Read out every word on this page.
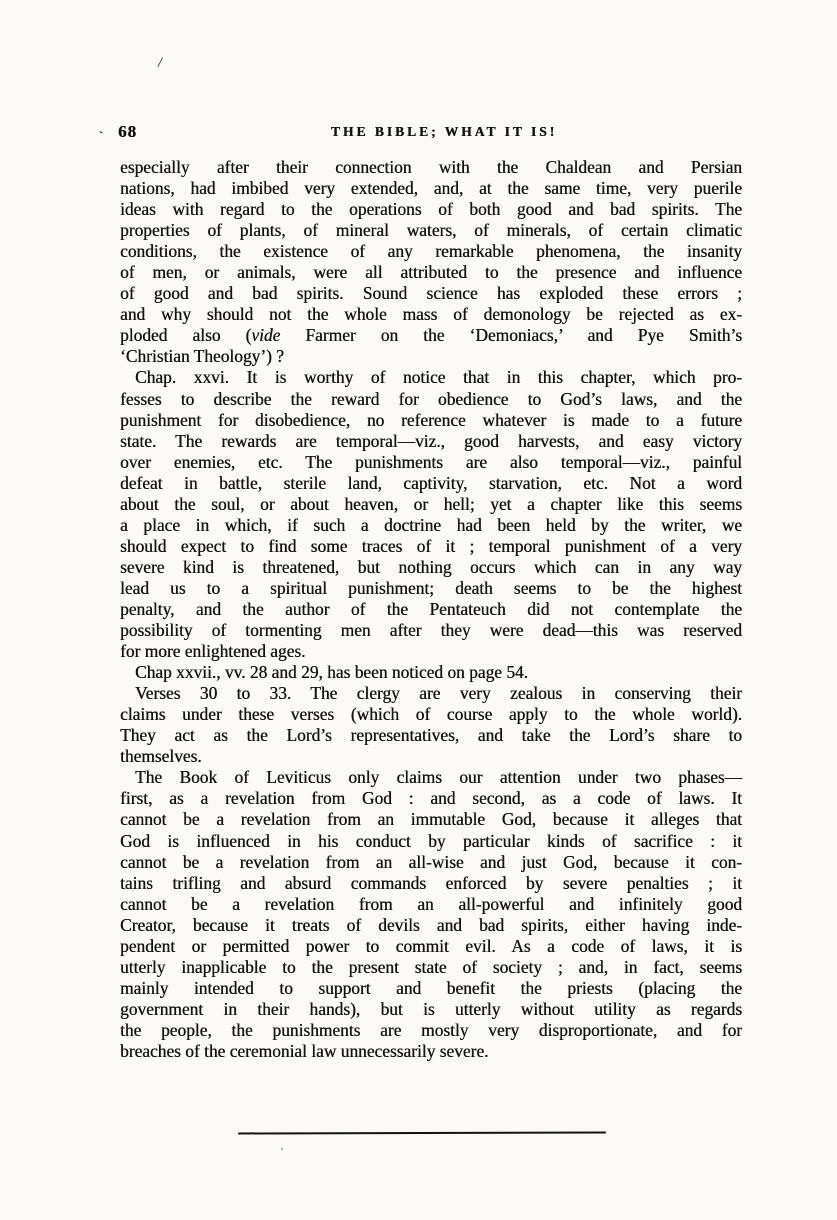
/
` 68	THE BIBLE; WHAT IT IS!
especially after their connection with the Chaldean and Persian
nations, had imbibed very extended, and, at the same time, very puerile
ideas with regard to the operations of both good and bad spirits. The
properties of plants, of mineral waters, of minerals, of certain climatic
conditions, the existence of any remarkable phenomena, the insanity
of men, or animals, were all attributed to the presence and influence
of good and bad spirits. Sound science has exploded these errors ;
and why should not the whole mass of demonology be rejected as ex-
ploded also (vide Farmer on the ‘Demoniacs,’ and Pye Smith’s
‘Christian Theology’) ?
Chap. xxvi. It is worthy of notice that in this chapter, which pro-
fesses to describe the reward for obedience to God’s laws, and the
punishment for disobedience, no reference whatever is made to a future
state. The rewards are temporal—viz., good harvests, and easy victory
over enemies, etc. The punishments are also temporal—viz., painful
defeat in battle, sterile land, captivity, starvation, etc. Not a word
about the soul, or about heaven, or hell; yet a chapter like this seems
a place in which, if such a doctrine had been held by the writer, we
should expect to find some traces of it ; temporal punishment of a very
severe kind is threatened, but nothing occurs which can in any way
lead us to a spiritual punishment; death seems to be the highest
penalty, and the author of the Pentateuch did not contemplate the
possibility of tormenting men after they were dead—this was reserved
for more enlightened ages.
Chap xxvii., vv. 28 and 29, has been noticed on page 54.
Verses 30 to 33. The clergy are very zealous in conserving their
claims under these verses (which of course apply to the whole world).
They act as the Lord’s representatives, and take the Lord’s share to
themselves.
The Book of Leviticus only claims our attention under two phases—
first, as a revelation from God : and second, as a code of laws. It
cannot be a revelation from an immutable God, because it alleges that
God is influenced in his conduct by particular kinds of sacrifice : it
cannot be a revelation from an all-wise and just God, because it con-
tains trifling and absurd commands enforced by severe penalties ; it
cannot be a revelation from an all-powerful and infinitely good
Creator, because it treats of devils and bad spirits, either having inde-
pendent or permitted power to commit evil. As a code of laws, it is
utterly inapplicable to the present state of society ; and, in fact, seems
mainly intended to support and benefit the priests (placing the
government in their hands), but is utterly without utility as regards
the people, the punishments are mostly very disproportionate, and for
breaches of the ceremonial law unnecessarily severe.
'
